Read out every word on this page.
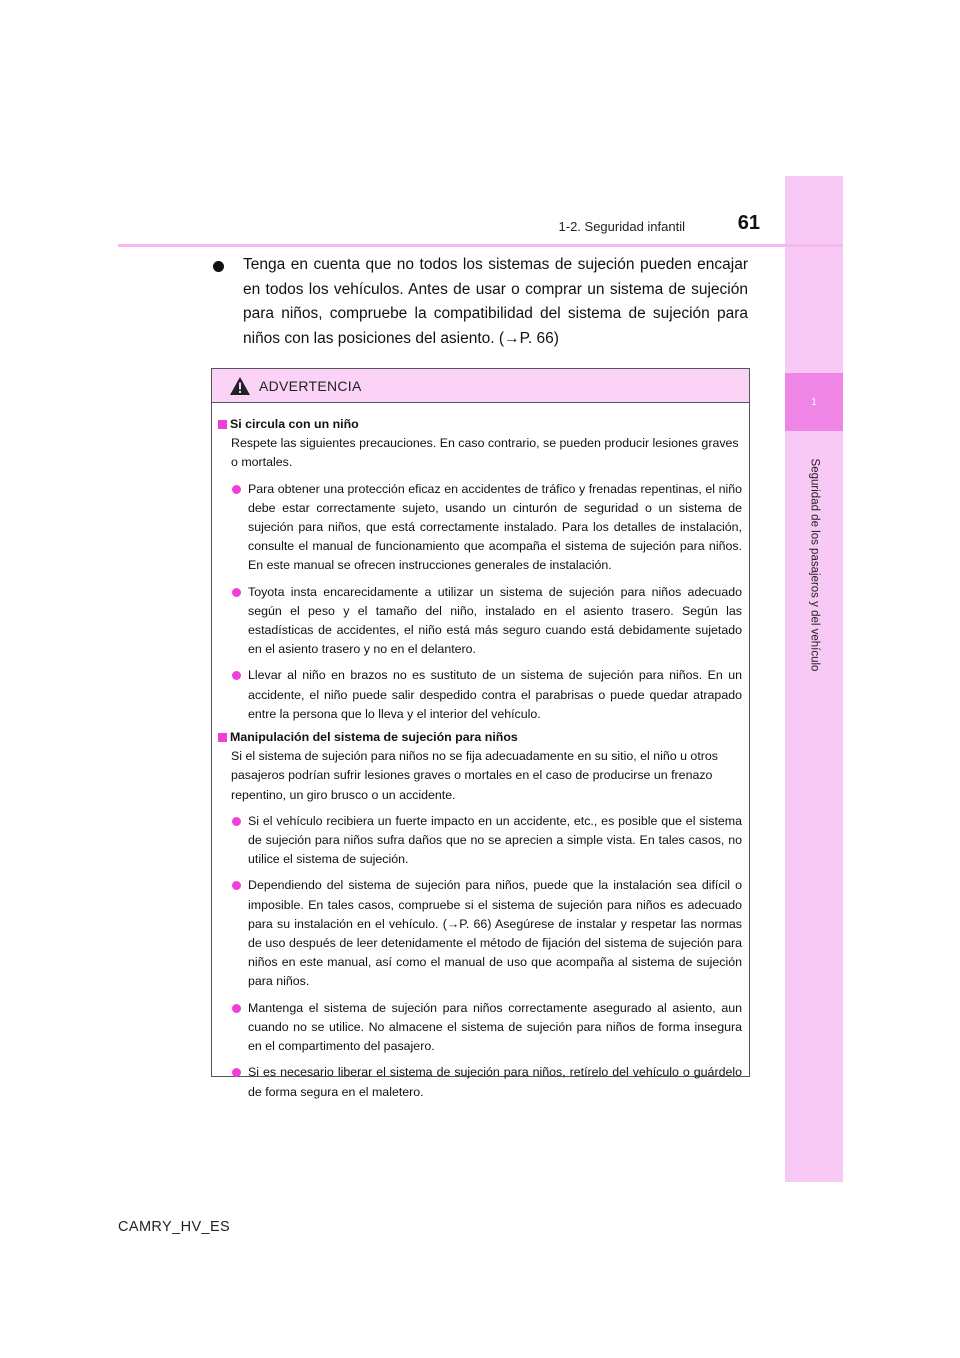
1
Seguridad de los pasajeros y del vehículo
1-2. Seguridad infantil	61
Tenga en cuenta que no todos los sistemas de sujeción pueden encajar en todos los vehículos. Antes de usar o comprar un sistema de sujeción para niños, compruebe la compatibilidad del sistema de sujeción para niños con las posiciones del asiento. (→P. 66)
ADVERTENCIA
Si circula con un niño
Respete las siguientes precauciones. En caso contrario, se pueden producir lesiones graves o mortales.
Para obtener una protección eficaz en accidentes de tráfico y frenadas repentinas, el niño debe estar correctamente sujeto, usando un cinturón de seguridad o un sistema de sujeción para niños, que está correctamente instalado. Para los detalles de instalación, consulte el manual de funcionamiento que acompaña el sistema de sujeción para niños. En este manual se ofrecen instrucciones generales de instalación.
Toyota insta encarecidamente a utilizar un sistema de sujeción para niños adecuado según el peso y el tamaño del niño, instalado en el asiento trasero. Según las estadísticas de accidentes, el niño está más seguro cuando está debidamente sujetado en el asiento trasero y no en el delantero.
Llevar al niño en brazos no es sustituto de un sistema de sujeción para niños. En un accidente, el niño puede salir despedido contra el parabrisas o puede quedar atrapado entre la persona que lo lleva y el interior del vehículo.
Manipulación del sistema de sujeción para niños
Si el sistema de sujeción para niños no se fija adecuadamente en su sitio, el niño u otros pasajeros podrían sufrir lesiones graves o mortales en el caso de producirse un frenazo repentino, un giro brusco o un accidente.
Si el vehículo recibiera un fuerte impacto en un accidente, etc., es posible que el sistema de sujeción para niños sufra daños que no se aprecien a simple vista. En tales casos, no utilice el sistema de sujeción.
Dependiendo del sistema de sujeción para niños, puede que la instalación sea difícil o imposible. En tales casos, compruebe si el sistema de sujeción para niños es adecuado para su instalación en el vehículo. (→P. 66) Asegúrese de instalar y respetar las normas de uso después de leer detenidamente el método de fijación del sistema de sujeción para niños en este manual, así como el manual de uso que acompaña al sistema de sujeción para niños.
Mantenga el sistema de sujeción para niños correctamente asegurado al asiento, aun cuando no se utilice. No almacene el sistema de sujeción para niños de forma insegura en el compartimento del pasajero.
Si es necesario liberar el sistema de sujeción para niños, retírelo del vehículo o guárdelo de forma segura en el maletero.
CAMRY_HV_ES
